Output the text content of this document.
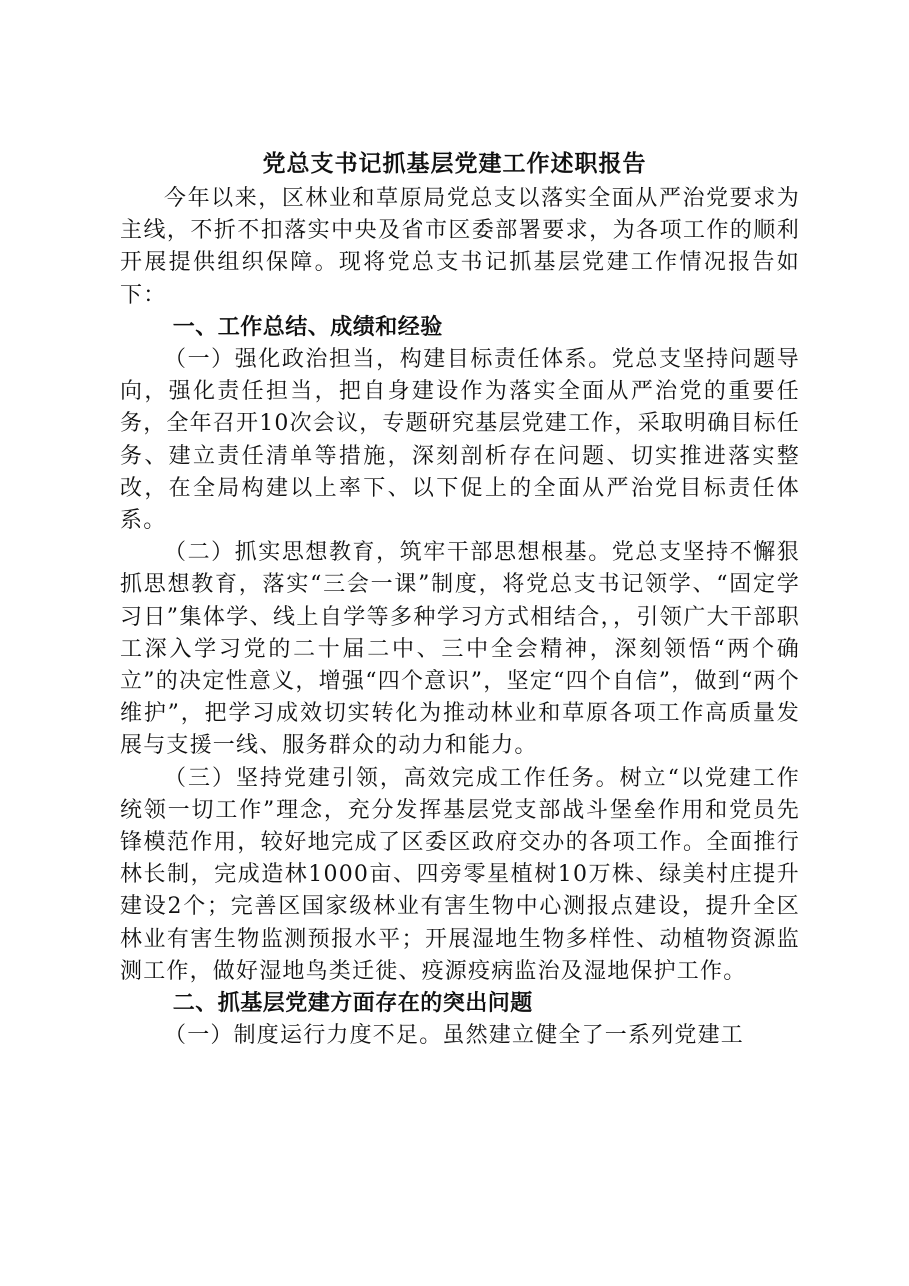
党总支书记抓基层党建工作述职报告

今年以来，区林业和草原局党总支以落实全面从严治党要求为主线，不折不扣落实中央及省市区委部署要求，为各项工作的顺利开展提供组织保障。现将党总支书记抓基层党建工作情况报告如下：

一、工作总结、成绩和经验

（一）强化政治担当，构建目标责任体系。党总支坚持问题导向，强化责任担当，把自身建设作为落实全面从严治党的重要任务，全年召开10次会议，专题研究基层党建工作，采取明确目标任务、建立责任清单等措施，深刻剖析存在问题、切实推进落实整改，在全局构建以上率下、以下促上的全面从严治党目标责任体系。

（二）抓实思想教育，筑牢干部思想根基。党总支坚持不懈狠抓思想教育，落实“三会一课”制度，将党总支书记领学、“固定学习日”集体学、线上自学等多种学习方式相结合，，引领广大干部职工深入学习党的二十届二中、三中全会精神，深刻领悟“两个确立”的决定性意义，增强“四个意识”，坚定“四个自信”，做到“两个维护”，把学习成效切实转化为推动林业和草原各项工作高质量发展与支援一线、服务群众的动力和能力。

（三）坚持党建引领，高效完成工作任务。树立“以党建工作统领一切工作”理念，充分发挥基层党支部战斗堡垒作用和党员先锋模范作用，较好地完成了区委区政府交办的各项工作。全面推行林长制，完成造林1000亩、四旁零星植树10万株、绿美村庄提升建设2个；完善区国家级林业有害生物中心测报点建设，提升全区林业有害生物监测预报水平；开展湿地生物多样性、动植物资源监测工作，做好湿地鸟类迁徙、疫源疫病监治及湿地保护工作。

二、抓基层党建方面存在的突出问题

（一）制度运行力度不足。虽然建立健全了一系列党建工
